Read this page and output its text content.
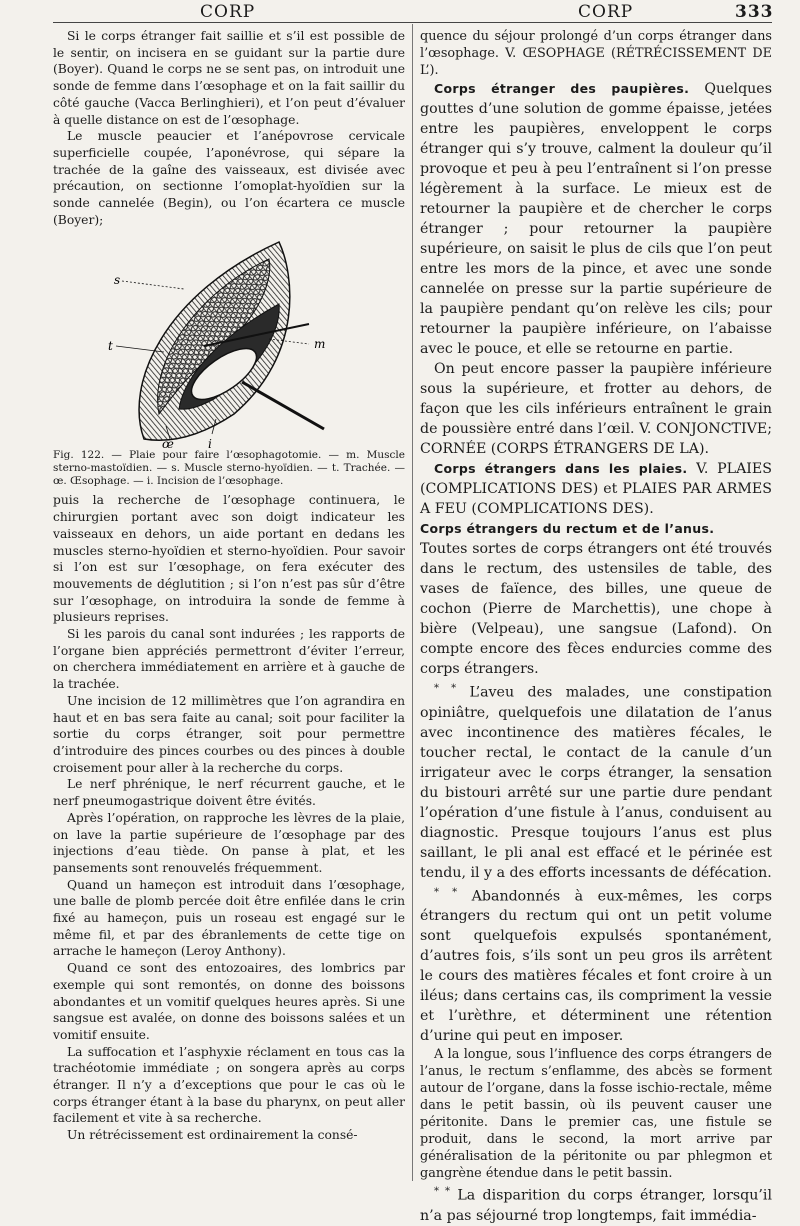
CORP	CORP	333

Si le corps étranger fait saillie et s’il est possible de le sentir, on incisera en se guidant sur la partie dure (Boyer). Quand le corps ne se sent pas, on introduit une sonde de femme dans l’œsophage et on la fait saillir du côté gauche (Vacca Berlinghieri), et l’on peut d’évaluer à quelle distance on est de l’œsophage.

Le muscle peaucier et l’anépovrose cervicale superficielle coupée, l’aponévrose, qui sépare la trachée de la gaîne des vaisseaux, est divisée avec précaution, on sectionne l’omoplat-hyoïdien sur la sonde cannelée (Begin), ou l’on écartera ce muscle (Boyer);

s
m
t
œ	i
Fig. 122. — Plaie pour faire l’œsophagotomie. — m. Muscle sterno-mastoïdien. — s. Muscle sterno-hyoïdien. — t. Trachée. — œ. Œsophage. — i. Incision de l’œsophage.

puis la recherche de l’œsophage continuera, le chirurgien portant avec son doigt indicateur les vaisseaux en dehors, un aide portant en dedans les muscles sterno-hyoïdien et sterno-hyoïdien. Pour savoir si l’on est sur l’œsophage, on fera exécuter des mouvements de déglutition ; si l’on n’est pas sûr d’être sur l’œsophage, on introduira la sonde de femme à plusieurs reprises.

Si les parois du canal sont indurées ; les rapports de l’organe bien appréciés permettront d’éviter l’erreur, on cherchera immédiatement en arrière et à gauche de la trachée.

Une incision de 12 millimètres que l’on agrandira en haut et en bas sera faite au canal; soit pour faciliter la sortie du corps étranger, soit pour permettre d’introduire des pinces courbes ou des pinces à double croisement pour aller à la recherche du corps.

Le nerf phrénique, le nerf récurrent gauche, et le nerf pneumogastrique doivent être évités.

Après l’opération, on rapproche les lèvres de la plaie, on lave la partie supérieure de l’œsophage par des injections d’eau tiède. On panse à plat, et les pansements sont renouvelés fréquemment.

Quand un hameçon est introduit dans l’œsophage, une balle de plomb percée doit être enfilée dans le crin fixé au hameçon, puis un roseau est engagé sur le même fil, et par des ébranlements de cette tige on arrache le hameçon (Leroy Anthony).

Quand ce sont des entozoaires, des lombrics par exemple qui sont remontés, on donne des boissons abondantes et un vomitif quelques heures après. Si une sangsue est avalée, on donne des boissons salées et un vomitif ensuite.

La suffocation et l’asphyxie réclament en tous cas la trachéotomie immédiate ; on songera après au corps étranger. Il n’y a d’exceptions que pour le cas où le corps étranger étant à la base du pharynx, on peut aller facilement et vite à sa recherche.

Un rétrécissement est ordinairement la consé-

quence du séjour prolongé d’un corps étranger dans l’œsophage. V. ŒSOPHAGE (RÉTRÉCISSEMENT DE L’).

Corps étranger des paupières. Quelques gouttes d’une solution de gomme épaisse, jetées entre les paupières, enveloppent le corps étranger qui s’y trouve, calment la douleur qu’il provoque et peu à peu l’entraînent si l’on presse légèrement à la surface. Le mieux est de retourner la paupière et de chercher le corps étranger ; pour retourner la paupière supérieure, on saisit le plus de cils que l’on peut entre les mors de la pince, et avec une sonde cannelée on presse sur la partie supérieure de la paupière pendant qu’on relève les cils; pour retourner la paupière inférieure, on l’abaisse avec le pouce, et elle se retourne en partie.

On peut encore passer la paupière inférieure sous la supérieure, et frotter au dehors, de façon que les cils inférieurs entraînent le grain de poussière entré dans l’œil. V. CONJONCTIVE; CORNÉE (CORPS ÉTRANGERS DE LA).

Corps étrangers dans les plaies. V. PLAIES (COMPLICATIONS DES) et PLAIES PAR ARMES A FEU (COMPLICATIONS DES).

Corps étrangers du rectum et de l’anus.

Toutes sortes de corps étrangers ont été trouvés dans le rectum, des ustensiles de table, des vases de faïence, des billes, une queue de cochon (Pierre de Marchettis), une chope à bière (Velpeau), une sangsue (Lafond). On compte encore des fèces endurcies comme des corps étrangers.

* * L’aveu des malades, une constipation opiniâtre, quelquefois une dilatation de l’anus avec incontinence des matières fécales, le toucher rectal, le contact de la canule d’un irrigateur avec le corps étranger, la sensation du bistouri arrêté sur une partie dure pendant l’opération d’une fistule à l’anus, conduisent au diagnostic. Presque toujours l’anus est plus saillant, le pli anal est effacé et le périnée est tendu, il y a des efforts incessants de défécation.

* * Abandonnés à eux-mêmes, les corps étrangers du rectum qui ont un petit volume sont quelquefois expulsés spontanément, d’autres fois, s’ils sont un peu gros ils arrêtent le cours des matières fécales et font croire à un iléus; dans certains cas, ils compriment la vessie et l’urèthre, et déterminent une rétention d’urine qui peut en imposer.

A la longue, sous l’influence des corps étrangers de l’anus, le rectum s’enflamme, des abcès se forment autour de l’organe, dans la fosse ischio-rectale, même dans le petit bassin, où ils peuvent causer une péritonite. Dans le premier cas, une fistule se produit, dans le second, la mort arrive par généralisation de la péritonite ou par phlegmon et gangrène étendue dans le petit bassin.

* * La disparition du corps étranger, lorsqu’il n’a pas séjourné trop longtemps, fait immédia-
